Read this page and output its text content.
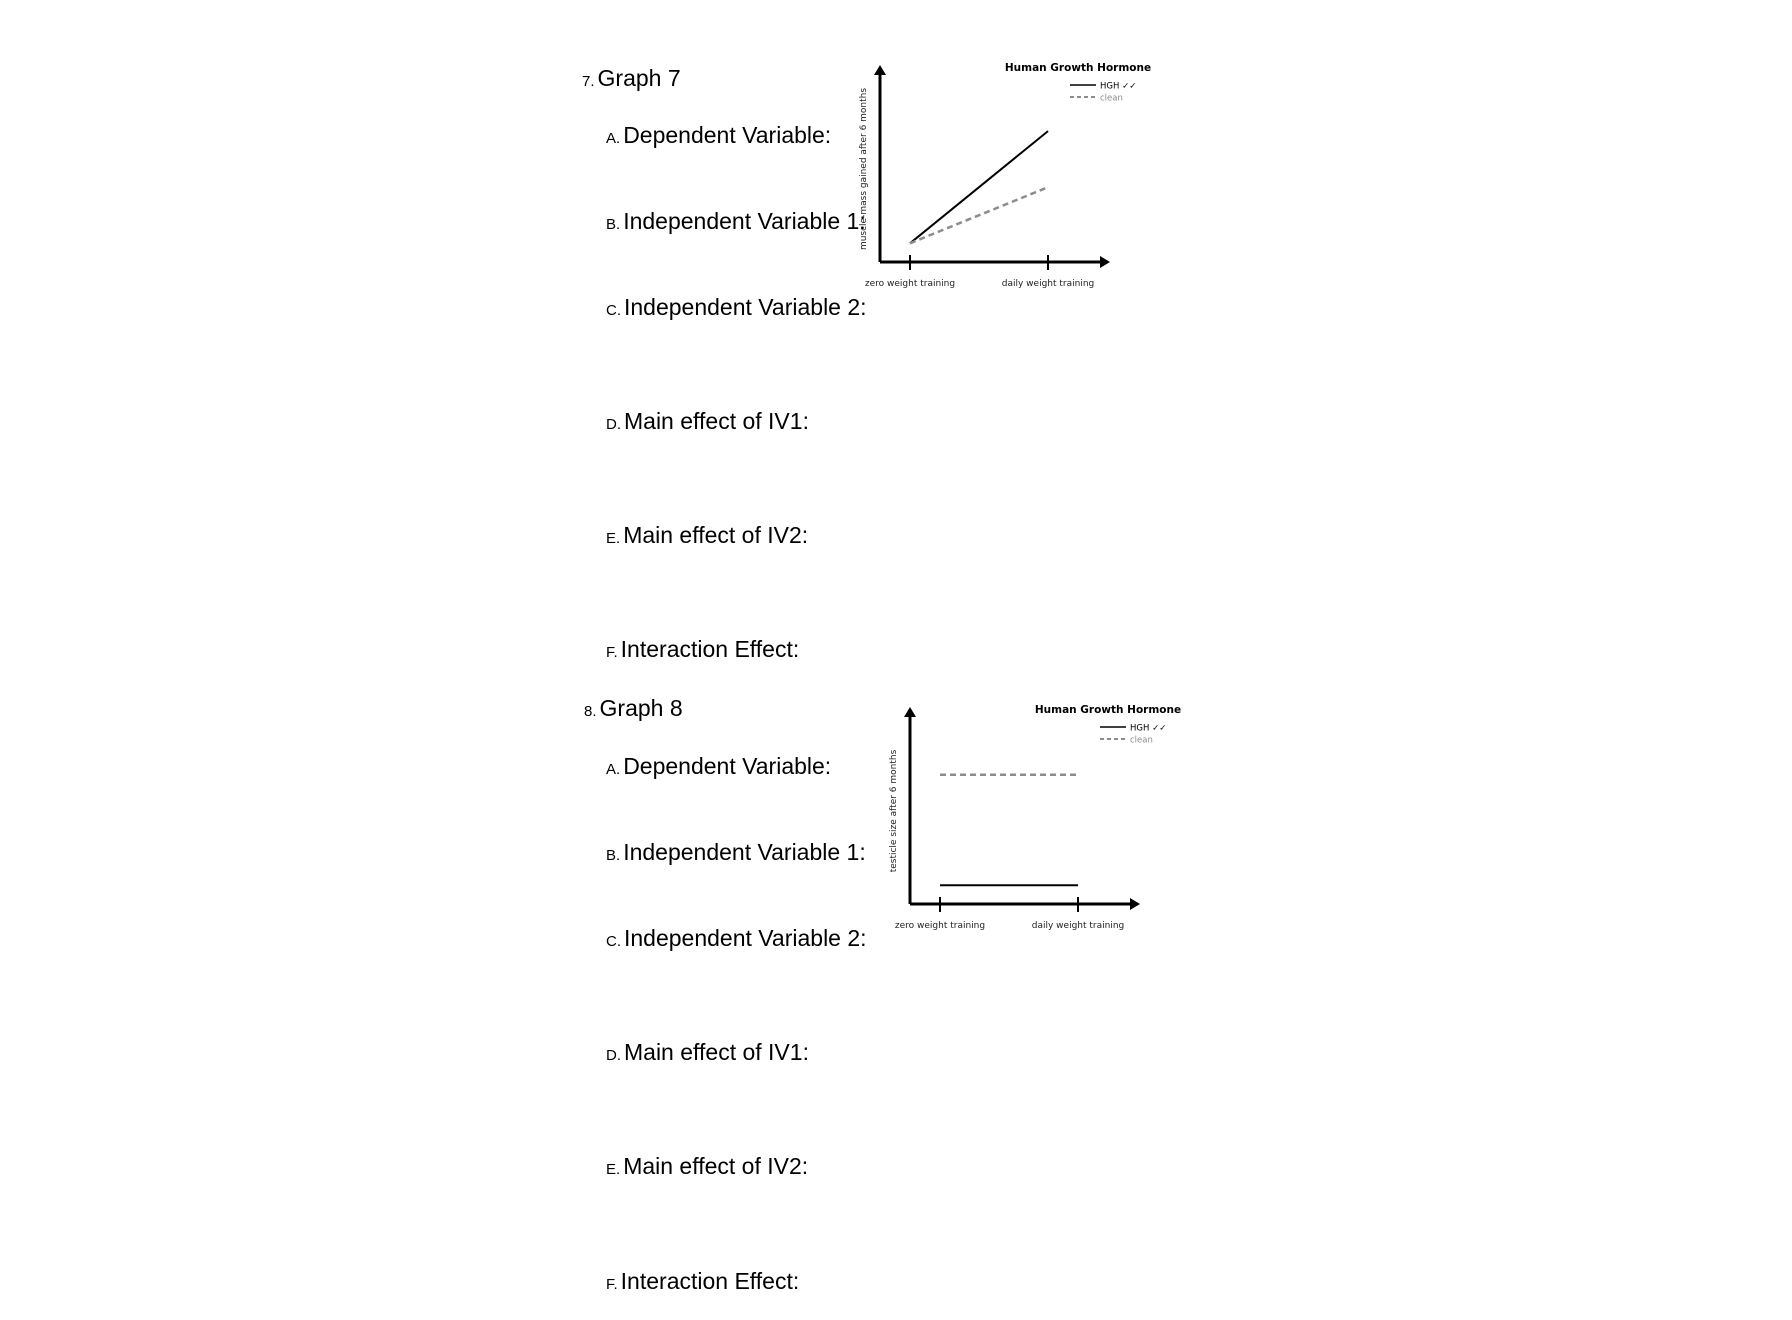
7. Graph 7
A. Dependent Variable:
B. Independent Variable 1:
C. Independent Variable 2:
D. Main effect of IV1:
E. Main effect of IV2:
F. Interaction Effect:
zero weight training	daily weight training
muscle-mass gained after 6 months
Human Growth Hormone
HGH ✓✓
clean
8. Graph 8
A. Dependent Variable:
B. Independent Variable 1:
C. Independent Variable 2:
D. Main effect of IV1:
E. Main effect of IV2:
F. Interaction Effect:
zero weight training	daily weight training
testicle size after 6 months
Human Growth Hormone
HGH ✓✓
clean
